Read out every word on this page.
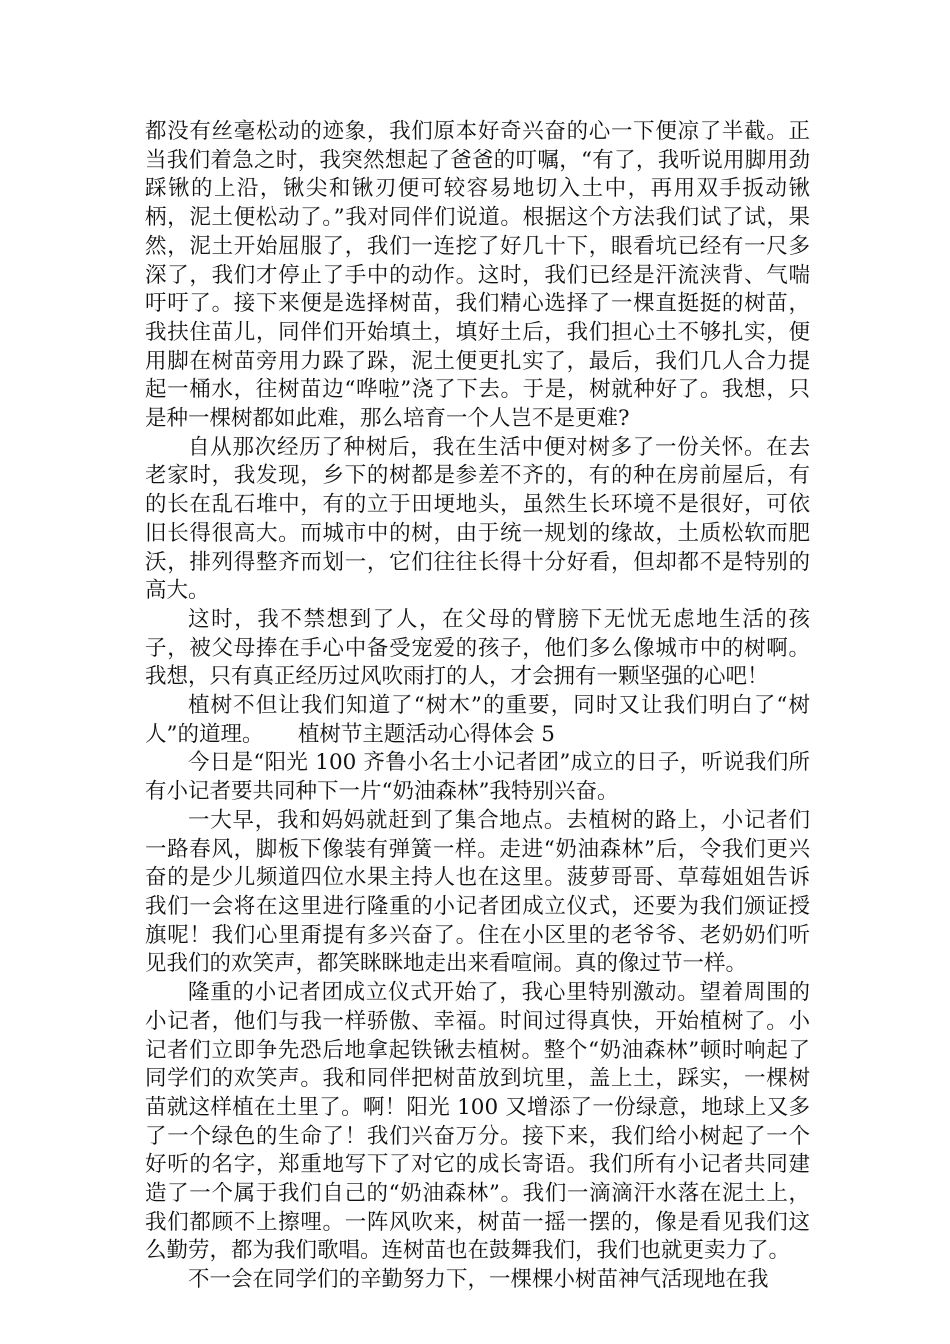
都没有丝毫松动的迹象，我们原本好奇兴奋的心一下便凉了半截。正当我们着急之时，我突然想起了爸爸的叮嘱，“有了，我听说用脚用劲踩锹的上沿，锹尖和锹刃便可较容易地切入土中，再用双手扳动锹柄，泥土便松动了。”我对同伴们说道。根据这个方法我们试了试，果然，泥土开始屈服了，我们一连挖了好几十下，眼看坑已经有一尺多深了，我们才停止了手中的动作。这时，我们已经是汗流浃背、气喘吁吁了。接下来便是选择树苗，我们精心选择了一棵直挺挺的树苗，我扶住苗儿，同伴们开始填土，填好土后，我们担心土不够扎实，便用脚在树苗旁用力跺了跺，泥土便更扎实了，最后，我们几人合力提起一桶水，往树苗边“哗啦”浇了下去。于是，树就种好了。我想，只是种一棵树都如此难，那么培育一个人岂不是更难?

自从那次经历了种树后，我在生活中便对树多了一份关怀。在去老家时，我发现，乡下的树都是参差不齐的，有的种在房前屋后，有的长在乱石堆中，有的立于田埂地头，虽然生长环境不是很好，可依旧长得很高大。而城市中的树，由于统一规划的缘故，土质松软而肥沃，排列得整齐而划一，它们往往长得十分好看，但却都不是特别的高大。

这时，我不禁想到了人，在父母的臂膀下无忧无虑地生活的孩子，被父母捧在手心中备受宠爱的孩子，他们多么像城市中的树啊。我想，只有真正经历过风吹雨打的人，才会拥有一颗坚强的心吧！

植树不但让我们知道了“树木”的重要，同时又让我们明白了“树人”的道理。 植树节主题活动心得体会 5

今日是“阳光 100 齐鲁小名士小记者团”成立的日子，听说我们所有小记者要共同种下一片“奶油森林”我特别兴奋。

一大早，我和妈妈就赶到了集合地点。去植树的路上，小记者们一路春风，脚板下像装有弹簧一样。走进“奶油森林”后，令我们更兴奋的是少儿频道四位水果主持人也在这里。菠萝哥哥、草莓姐姐告诉我们一会将在这里进行隆重的小记者团成立仪式，还要为我们颁证授旗呢！我们心里甭提有多兴奋了。住在小区里的老爷爷、老奶奶们听见我们的欢笑声，都笑眯眯地走出来看喧闹。真的像过节一样。

隆重的小记者团成立仪式开始了，我心里特别激动。望着周围的小记者，他们与我一样骄傲、幸福。时间过得真快，开始植树了。小记者们立即争先恐后地拿起铁锹去植树。整个“奶油森林”顿时响起了同学们的欢笑声。我和同伴把树苗放到坑里，盖上土，踩实，一棵树苗就这样植在土里了。啊！阳光 100 又增添了一份绿意，地球上又多了一个绿色的生命了！我们兴奋万分。接下来，我们给小树起了一个好听的名字，郑重地写下了对它的成长寄语。我们所有小记者共同建造了一个属于我们自己的“奶油森林”。我们一滴滴汗水落在泥土上，我们都顾不上擦哩。一阵风吹来，树苗一摇一摆的，像是看见我们这么勤劳，都为我们歌唱。连树苗也在鼓舞我们，我们也就更卖力了。

不一会在同学们的辛勤努力下，一棵棵小树苗神气活现地在我
